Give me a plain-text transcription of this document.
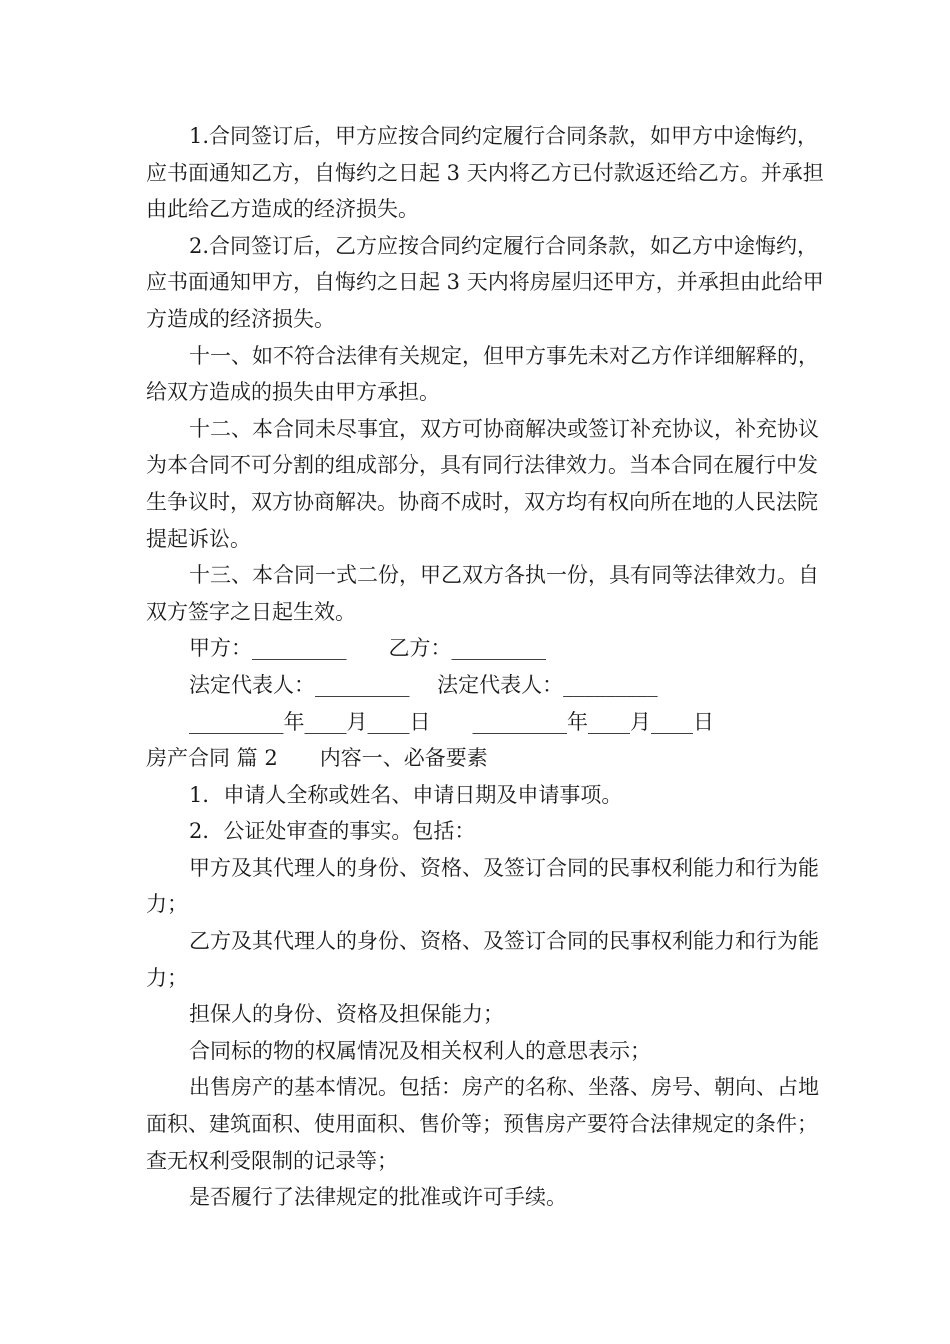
1.合同签订后，甲方应按合同约定履行合同条款，如甲方中途悔约，应书面通知乙方，自悔约之日起 3 天内将乙方已付款返还给乙方。并承担由此给乙方造成的经济损失。

2.合同签订后，乙方应按合同约定履行合同条款，如乙方中途悔约，应书面通知甲方，自悔约之日起 3 天内将房屋归还甲方，并承担由此给甲方造成的经济损失。

十一、如不符合法律有关规定，但甲方事先未对乙方作详细解释的，给双方造成的损失由甲方承担。

十二、本合同未尽事宜，双方可协商解决或签订补充协议，补充协议为本合同不可分割的组成部分，具有同行法律效力。当本合同在履行中发生争议时，双方协商解决。协商不成时，双方均有权向所在地的人民法院提起诉讼。

十三、本合同一式二份，甲乙双方各执一份，具有同等法律效力。自双方签字之日起生效。

甲方：_________　　乙方：_________

法定代表人：_________　 法定代表人：_________

_________年____月____日　　_________年____月____日

房产合同 篇 2　　内容一、必备要素

1．申请人全称或姓名、申请日期及申请事项。

2．公证处审查的事实。包括：

甲方及其代理人的身份、资格、及签订合同的民事权利能力和行为能力；

乙方及其代理人的身份、资格、及签订合同的民事权利能力和行为能力；

担保人的身份、资格及担保能力；

合同标的物的权属情况及相关权利人的意思表示；

出售房产的基本情况。包括：房产的名称、坐落、房号、朝向、占地面积、建筑面积、使用面积、售价等；预售房产要符合法律规定的条件；查无权利受限制的记录等；

是否履行了法律规定的批准或许可手续。
